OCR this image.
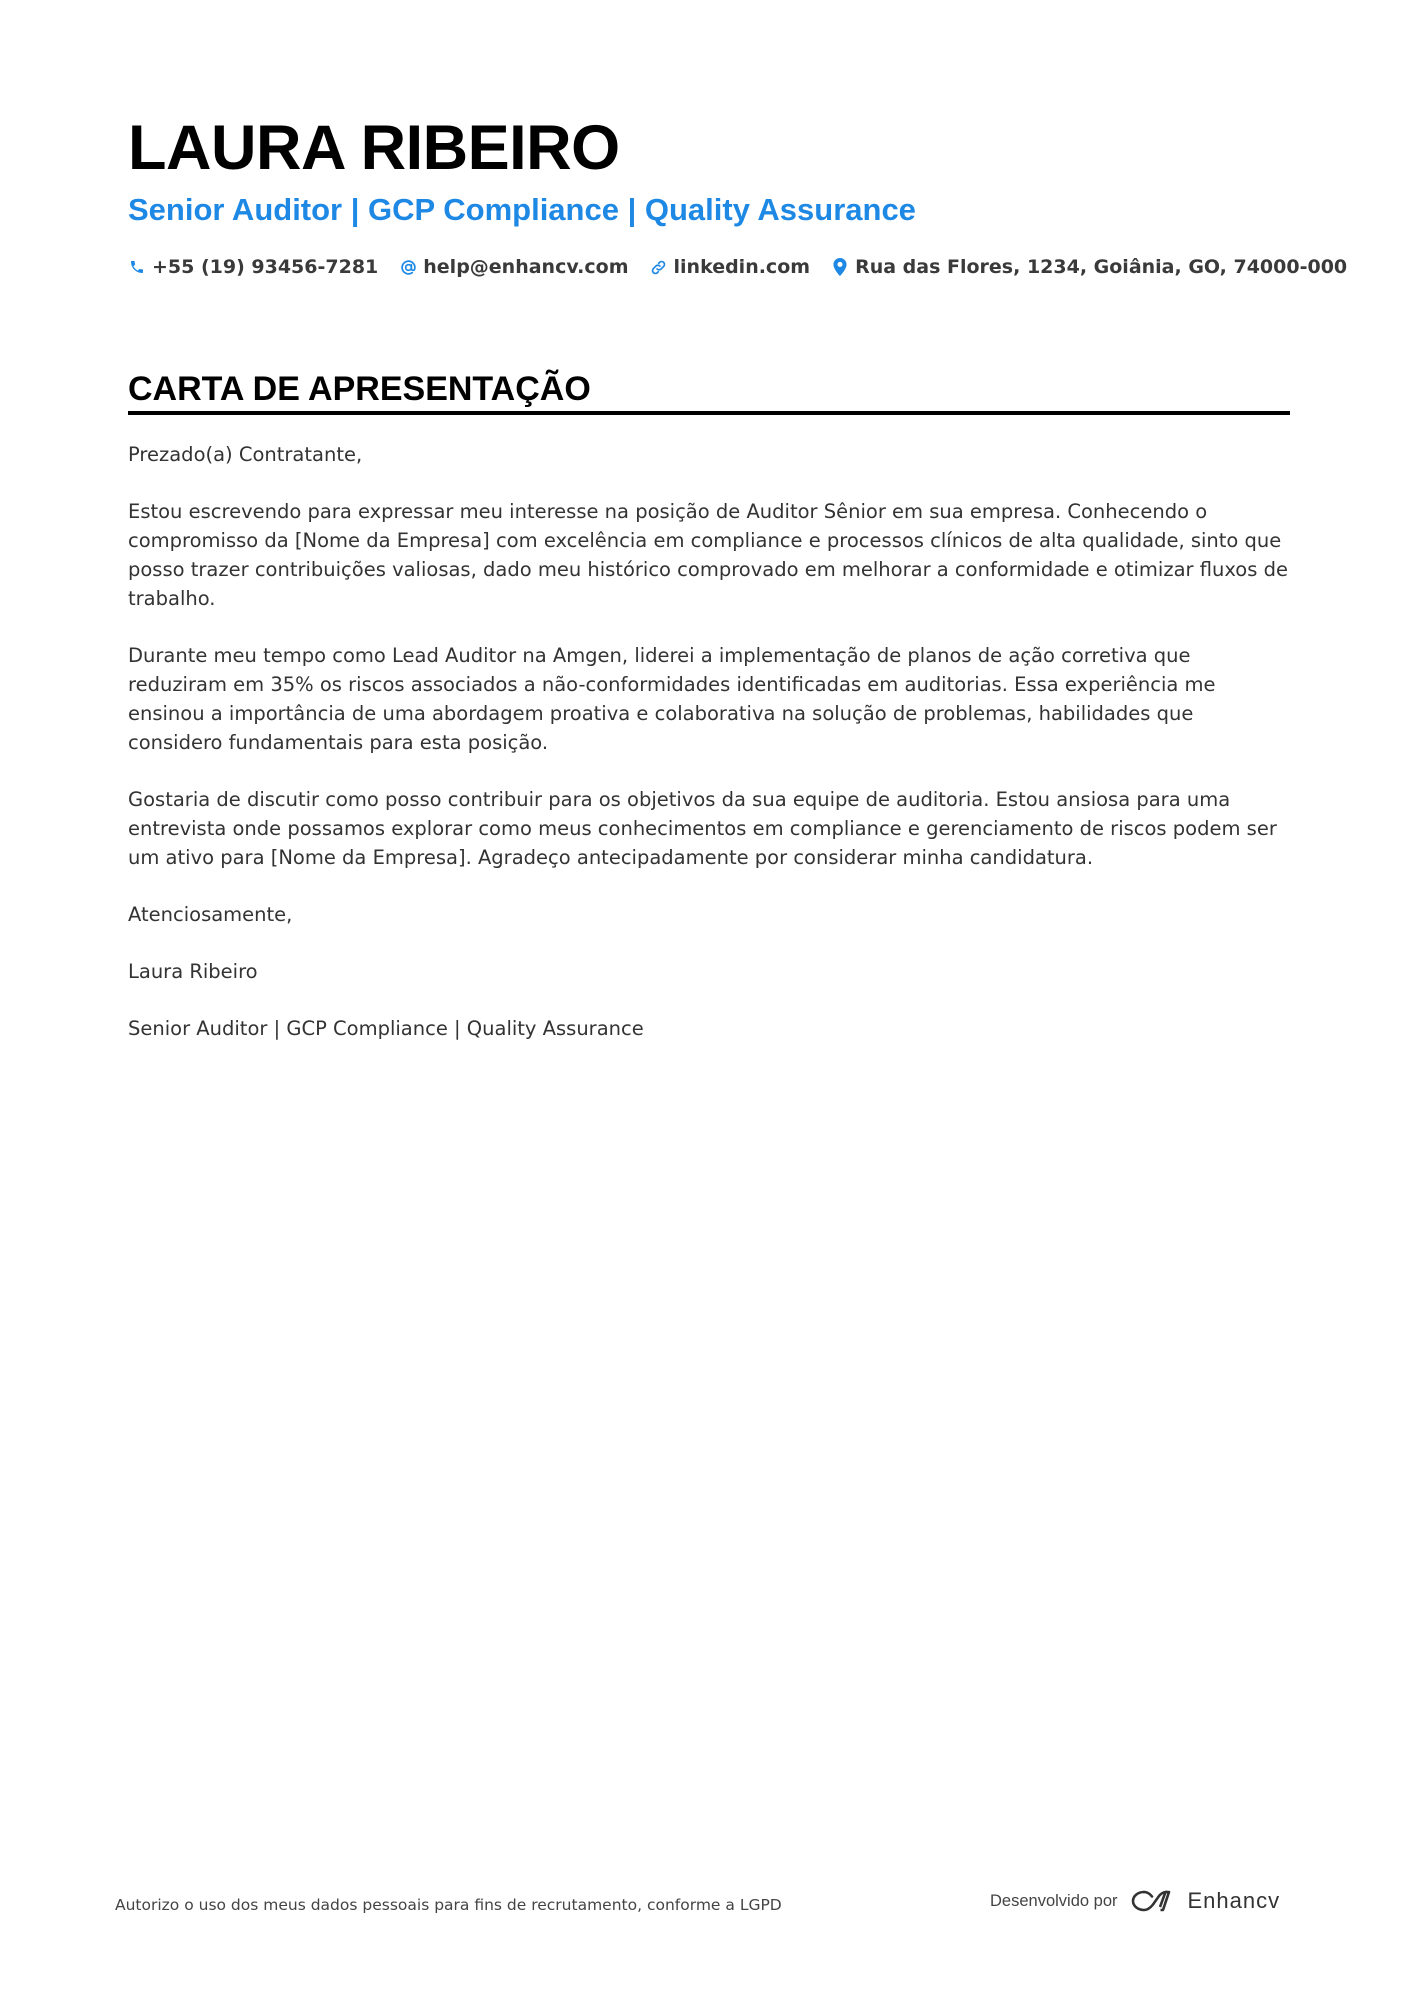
LAURA RIBEIRO
Senior Auditor | GCP Compliance | Quality Assurance
+55 (19) 93456-7281 help@enhancv.com linkedin.com Rua das Flores, 1234, Goiânia, GO, 74000-000
CARTA DE APRESENTAÇÃO

Prezado(a) Contratante,

Estou escrevendo para expressar meu interesse na posição de Auditor Sênior em sua empresa. Conhecendo o compromisso da [Nome da Empresa] com excelência em compliance e processos clínicos de alta qualidade, sinto que posso trazer contribuições valiosas, dado meu histórico comprovado em melhorar a conformidade e otimizar fluxos de trabalho.

Durante meu tempo como Lead Auditor na Amgen, liderei a implementação de planos de ação corretiva que reduziram em 35% os riscos associados a não-conformidades identificadas em auditorias. Essa experiência me ensinou a importância de uma abordagem proativa e colaborativa na solução de problemas, habilidades que considero fundamentais para esta posição.

Gostaria de discutir como posso contribuir para os objetivos da sua equipe de auditoria. Estou ansiosa para uma entrevista onde possamos explorar como meus conhecimentos em compliance e gerenciamento de riscos podem ser um ativo para [Nome da Empresa]. Agradeço antecipadamente por considerar minha candidatura.

Atenciosamente,

Laura Ribeiro

Senior Auditor | GCP Compliance | Quality Assurance

Autorizo o uso dos meus dados pessoais para fins de recrutamento, conforme a LGPD	Desenvolvido por	Enhancv
